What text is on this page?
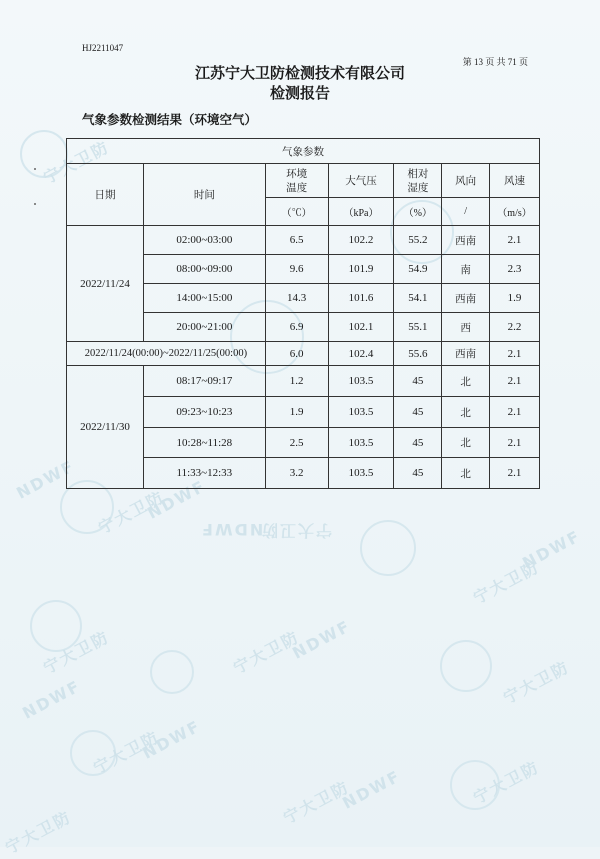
宁大卫防
NDWF
宁大卫防
NDWF
宁大卫防
NDWF
宁大卫防
NDWF
宁大卫防	宁大卫防
NDWF
宁大卫防
NDWF
宁大卫防
NDWF
宁大卫防
NDWF	宁大卫防
宁大卫防
HJ2211047
第 13 页 共 71 页
江苏宁大卫防检测技术有限公司
检测报告
气象参数检测结果（环境空气）
气象参数						
日期	时间	环境温度	大气压	相对湿度	风向	风速
		（℃）	（kPa）	（%）	/	（m/s）
2022/11/24	02:00~03:00	6.5	102.2	55.2	西南	2.1
	08:00~09:00	9.6	101.9	54.9	南	2.3
	14:00~15:00	14.3	101.6	54.1	西南	1.9
	20:00~21:00	6.9	102.1	55.1	西	2.2
2022/11/24(00:00)~2022/11/25(00:00)		6.0	102.4	55.6	西南	2.1
2022/11/30	08:17~09:17	1.2	103.5	45	北	2.1
	09:23~10:23	1.9	103.5	45	北	2.1
	10:28~11:28	2.5	103.5	45	北	2.1
	11:33~12:33	3.2	103.5	45	北	2.1
